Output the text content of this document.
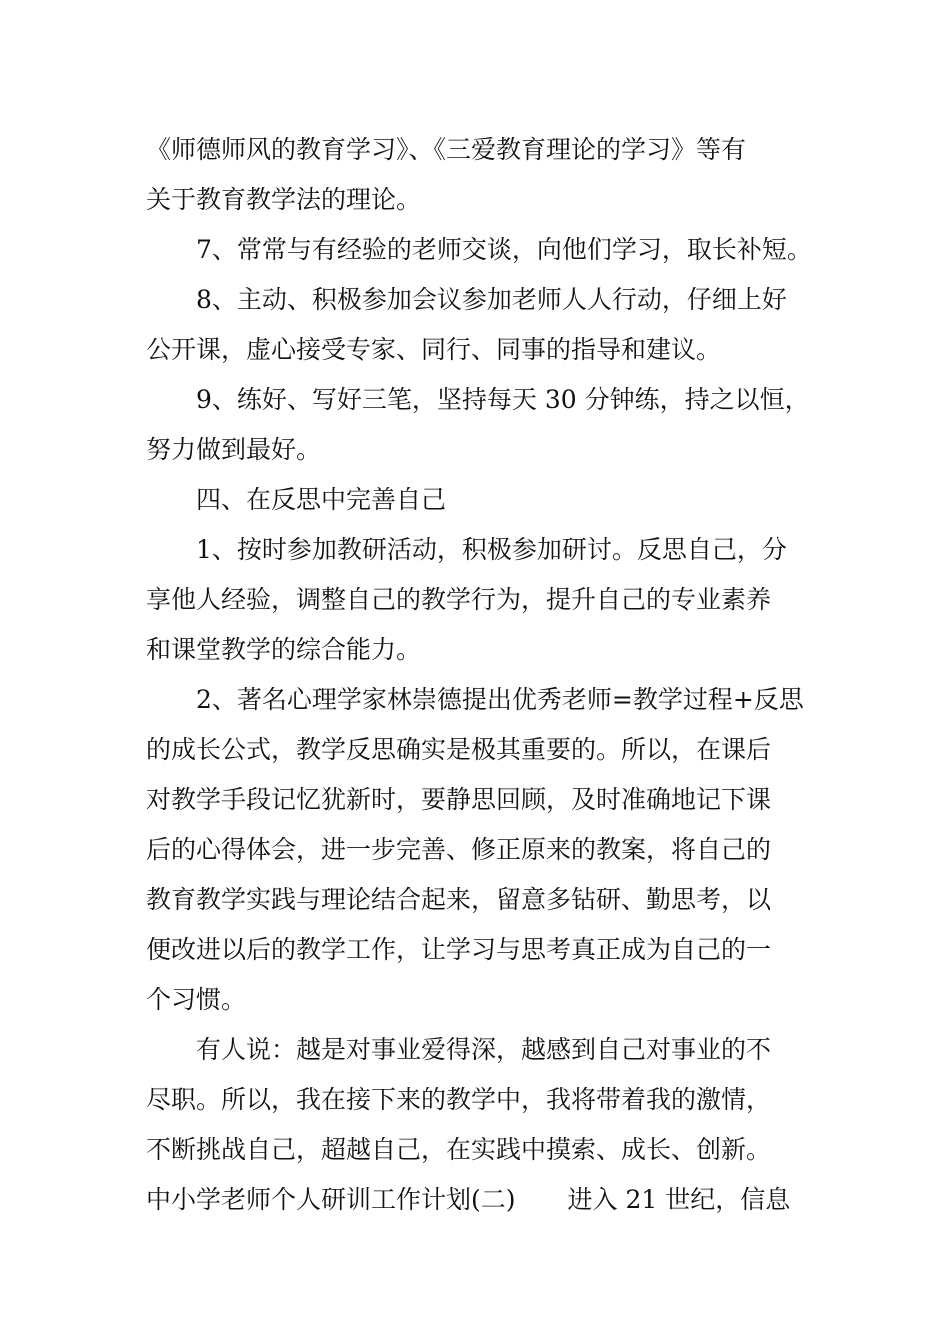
《师德师风的教育学习》、《三爱教育理论的学习》等有
关于教育教学法的理论。
7、常常与有经验的老师交谈，向他们学习，取长补短。
8、主动、积极参加会议参加老师人人行动，仔细上好
公开课，虚心接受专家、同行、同事的指导和建议。
9、练好、写好三笔，坚持每天 30 分钟练，持之以恒，
努力做到最好。
四、在反思中完善自己
1、按时参加教研活动，积极参加研讨。反思自己，分
享他人经验，调整自己的教学行为，提升自己的专业素养
和课堂教学的综合能力。
2、著名心理学家林崇德提出优秀老师=教学过程+反思
的成长公式，教学反思确实是极其重要的。所以，在课后
对教学手段记忆犹新时，要静思回顾，及时准确地记下课
后的心得体会，进一步完善、修正原来的教案，将自己的
教育教学实践与理论结合起来，留意多钻研、勤思考，以
便改进以后的教学工作，让学习与思考真正成为自己的一
个习惯。
有人说：越是对事业爱得深，越感到自己对事业的不
尽职。所以，我在接下来的教学中，我将带着我的激情，
不断挑战自己，超越自己，在实践中摸索、成长、创新。
中小学老师个人研训工作计划(二) 进入 21 世纪，信息
